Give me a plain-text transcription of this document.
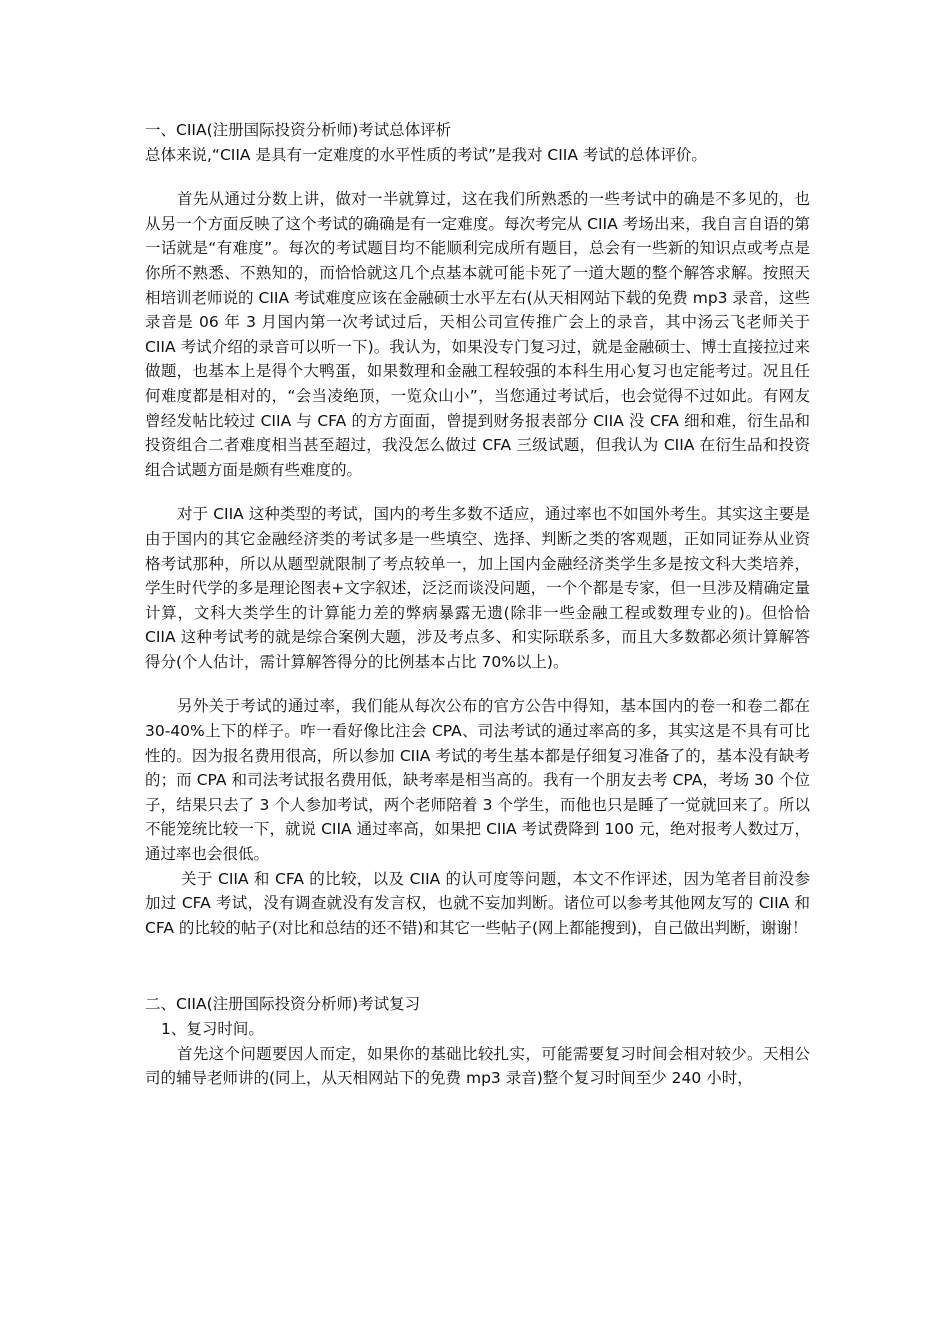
一、CIIA(注册国际投资分析师)考试总体评析

总体来说,“CIIA 是具有一定难度的水平性质的考试”是我对 CIIA 考试的总体评价。

首先从通过分数上讲，做对一半就算过，这在我们所熟悉的一些考试中的确是不多见的，也从另一个方面反映了这个考试的确确是有一定难度。每次考完从 CIIA 考场出来，我自言自语的第一话就是“有难度”。每次的考试题目均不能顺利完成所有题目，总会有一些新的知识点或考点是你所不熟悉、不熟知的，而恰恰就这几个点基本就可能卡死了一道大题的整个解答求解。按照天相培训老师说的 CIIA 考试难度应该在金融硕士水平左右(从天相网站下载的免费 mp3 录音，这些录音是 06 年 3 月国内第一次考试过后，天相公司宣传推广会上的录音，其中汤云飞老师关于 CIIA 考试介绍的录音可以听一下)。我认为，如果没专门复习过，就是金融硕士、博士直接拉过来做题，也基本上是得个大鸭蛋，如果数理和金融工程较强的本科生用心复习也定能考过。况且任何难度都是相对的，“会当凌绝顶，一览众山小”，当您通过考试后，也会觉得不过如此。有网友曾经发帖比较过 CIIA 与 CFA 的方方面面，曾提到财务报表部分 CIIA 没 CFA 细和难，衍生品和投资组合二者难度相当甚至超过，我没怎么做过 CFA 三级试题，但我认为 CIIA 在衍生品和投资组合试题方面是颇有些难度的。

对于 CIIA 这种类型的考试，国内的考生多数不适应，通过率也不如国外考生。其实这主要是由于国内的其它金融经济类的考试多是一些填空、选择、判断之类的客观题，正如同证券从业资格考试那种，所以从题型就限制了考点较单一，加上国内金融经济类学生多是按文科大类培养，学生时代学的多是理论图表+文字叙述，泛泛而谈没问题，一个个都是专家，但一旦涉及精确定量计算，文科大类学生的计算能力差的弊病暴露无遗(除非一些金融工程或数理专业的)。但恰恰 CIIA 这种考试考的就是综合案例大题，涉及考点多、和实际联系多，而且大多数都必须计算解答得分(个人估计，需计算解答得分的比例基本占比 70%以上)。

另外关于考试的通过率，我们能从每次公布的官方公告中得知，基本国内的卷一和卷二都在 30-40%上下的样子。咋一看好像比注会 CPA、司法考试的通过率高的多，其实这是不具有可比性的。因为报名费用很高，所以参加 CIIA 考试的考生基本都是仔细复习准备了的，基本没有缺考的；而 CPA 和司法考试报名费用低，缺考率是相当高的。我有一个朋友去考 CPA，考场 30 个位子，结果只去了 3 个人参加考试，两个老师陪着 3 个学生，而他也只是睡了一觉就回来了。所以不能笼统比较一下，就说 CIIA 通过率高，如果把 CIIA 考试费降到 100 元，绝对报考人数过万，通过率也会很低。

关于 CIIA 和 CFA 的比较，以及 CIIA 的认可度等问题，本文不作评述，因为笔者目前没参加过 CFA 考试，没有调查就没有发言权，也就不妄加判断。诸位可以参考其他网友写的 CIIA 和 CFA 的比较的帖子(对比和总结的还不错)和其它一些帖子(网上都能搜到)，自己做出判断，谢谢！

二、CIIA(注册国际投资分析师)考试复习

1、复习时间。

首先这个问题要因人而定，如果你的基础比较扎实，可能需要复习时间会相对较少。天相公司的辅导老师讲的(同上，从天相网站下的免费 mp3 录音)整个复习时间至少 240 小时，
